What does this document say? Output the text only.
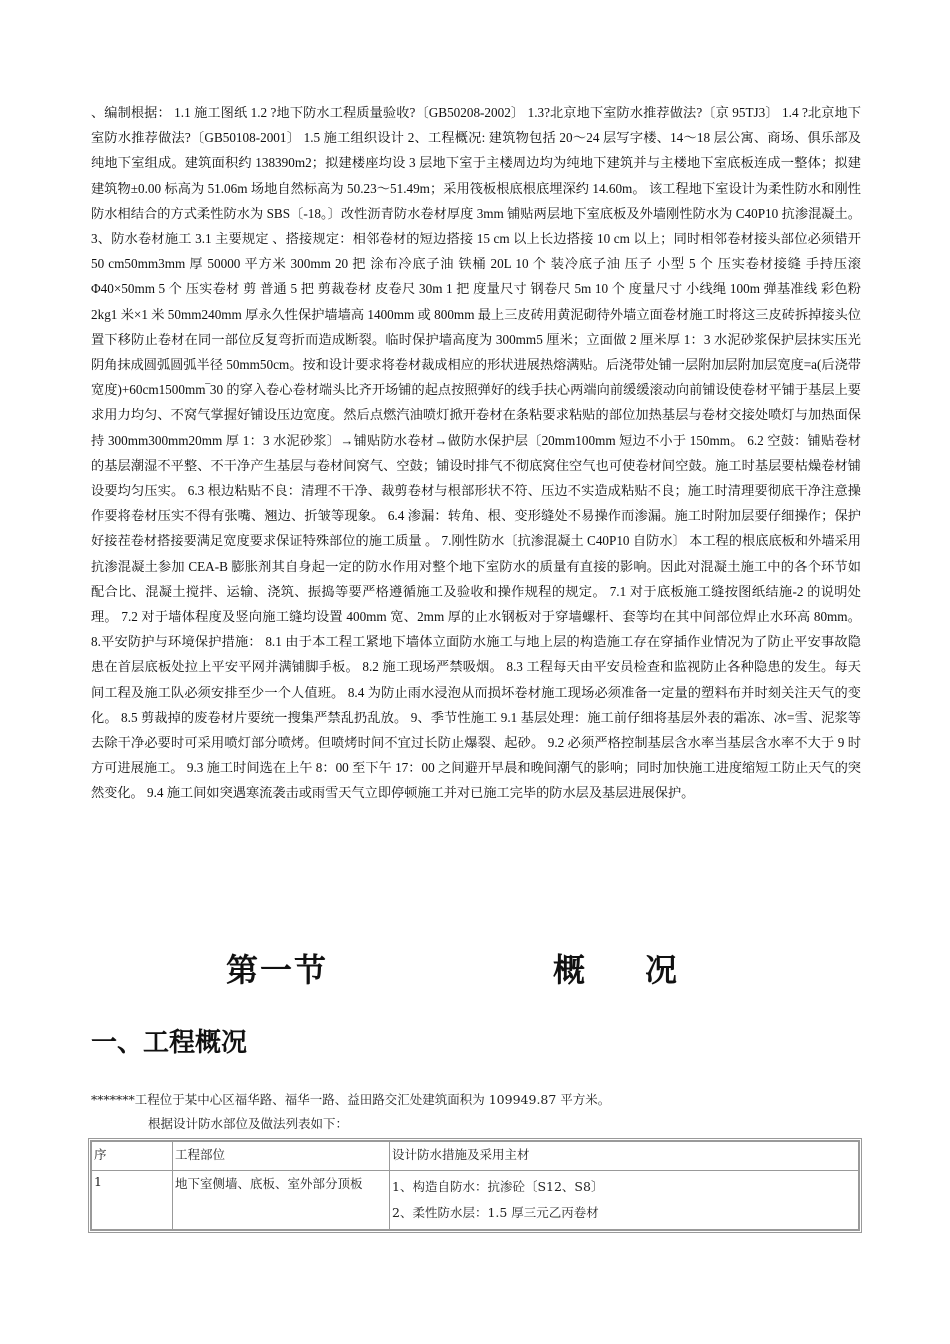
、编制根据： 1.1 施工图纸 1.2 ?地下防水工程质量验收?〔GB50208-2002〕 1.3?北京地下室防水推荐做法?〔京 95TJ3〕 1.4 ?北京地下室防水推荐做法?〔GB50108-2001〕 1.5 施工组织设计 2、工程概况: 建筑物包括 20～24 层写字楼、14～18 层公寓、商场、俱乐部及纯地下室组成。建筑面积约 138390m2；拟建楼座均设 3 层地下室于主楼周边均为纯地下建筑并与主楼地下室底板连成一整体；拟建建筑物±0.00 标高为 51.06m 场地自然标高为 50.23～51.49m；采用筏板根底根底埋深约 14.60m。 该工程地下室设计为柔性防水和刚性防水相结合的方式柔性防水为 SBS〔-18。〕改性沥青防水卷材厚度 3mm 铺贴两层地下室底板及外墙刚性防水为 C40P10 抗渗混凝土。 3、防水卷材施工 3.1 主要规定 、搭接规定：相邻卷材的短边搭接 15 cm 以上长边搭接 10 cm 以上；同时相邻卷材接头部位必须错开 50 cm50mm3mm 厚 50000 平方米 300mm 20 把 涂布冷底子油 铁桶 20L 10 个 装冷底子油 压子 小型 5 个 压实卷材接缝 手持压滚 Φ40×50mm 5 个 压实卷材 剪 普通 5 把 剪裁卷材 皮卷尺 30m 1 把 度量尺寸 钢卷尺 5m 10 个 度量尺寸 小线绳 100m 弹基准线 彩色粉 2kg1 米×1 米 50mm240mm 厚永久性保护墙墙高 1400mm 或 800mm 最上三皮砖用黄泥砌待外墙立面卷材施工时将这三皮砖拆掉接头位置下移防止卷材在同一部位反复弯折而造成断裂。临时保护墙高度为 300mm5 厘米；立面做 2 厘米厚 1：3 水泥砂浆保护层抹实压光阴角抹成圆弧圆弧半径 50mm50cm。按和设计要求将卷材裁成相应的形状进展热熔满贴。后浇带处铺一层附加层附加层宽度=a(后浇带宽度)+60cm1500mm‾30 的穿入卷心卷材端头比齐开场铺的起点按照弹好的线手扶心两端向前缓缓滚动向前铺设使卷材平铺于基层上要求用力均匀、不窝气掌握好铺设压边宽度。然后点燃汽油喷灯掀开卷材在条粘要求粘贴的部位加热基层与卷材交接处喷灯与加热面保持 300mm300mm20mm 厚 1：3 水泥砂浆〕→铺贴防水卷材→做防水保护层〔20mm100mm 短边不小于 150mm。 6.2 空鼓：铺贴卷材的基层潮湿不平整、不干净产生基层与卷材间窝气、空鼓；铺设时排气不彻底窝住空气也可使卷材间空鼓。施工时基层要枯燥卷材铺设要均匀压实。 6.3 根边粘贴不良：清理不干净、裁剪卷材与根部形状不符、压边不实造成粘贴不良；施工时清理要彻底干净注意操作要将卷材压实不得有张嘴、翘边、折皱等现象。 6.4 渗漏：转角、根、变形缝处不易操作而渗漏。施工时附加层要仔细操作；保护好接茬卷材搭接要满足宽度要求保证特殊部位的施工质量 。 7.刚性防水〔抗渗混凝土 C40P10 自防水〕 本工程的根底底板和外墙采用抗渗混凝土参加 CEA-B 膨胀剂其自身起一定的防水作用对整个地下室防水的质量有直接的影响。因此对混凝土施工中的各个环节如配合比、混凝土搅拌、运输、浇筑、振捣等要严格遵循施工及验收和操作规程的规定。 7.1 对于底板施工缝按图纸结施-2 的说明处理。 7.2 对于墙体程度及竖向施工缝均设置 400mm 宽、2mm 厚的止水钢板对于穿墙螺杆、套等均在其中间部位焊止水环高 80mm。 8.平安防护与环境保护措施： 8.1 由于本工程工紧地下墙体立面防水施工与地上层的构造施工存在穿插作业情况为了防止平安事故隐患在首层底板处拉上平安平网并满铺脚手板。 8.2 施工现场严禁吸烟。 8.3 工程每天由平安员检查和监视防止各种隐患的发生。每天间工程及施工队必须安排至少一个人值班。 8.4 为防止雨水浸泡从而损坏卷材施工现场必须准备一定量的塑料布并时刻关注天气的变化。 8.5 剪裁掉的废卷材片要统一搜集严禁乱扔乱放。 9、季节性施工 9.1 基层处理：施工前仔细将基层外表的霜冻、冰=雪、泥浆等去除干净必要时可采用喷灯部分喷烤。但喷烤时间不宜过长防止爆裂、起砂。 9.2 必须严格控制基层含水率当基层含水率不大于 9 时方可进展施工。 9.3 施工时间选在上午 8：00 至下午 17：00 之间避开早晨和晚间潮气的影响；同时加快施工进度缩短工防止天气的突然变化。 9.4 施工间如突遇寒流袭击或雨雪天气立即停顿施工并对已施工完毕的防水层及基层进展保护。

第一节	概况
一、工程概况
*******工程位于某中心区福华路、福华一路、益田路交汇处建筑面积为 109949.87 平方米。
根据设计防水部位及做法列表如下：
序	工程部位	设计防水措施及采用主材
1	地下室侧墙、底板、室外部分顶板	1、构造自防水：抗渗砼〔S12、S8〕
2、柔性防水层：1.5 厚三元乙丙卷材
